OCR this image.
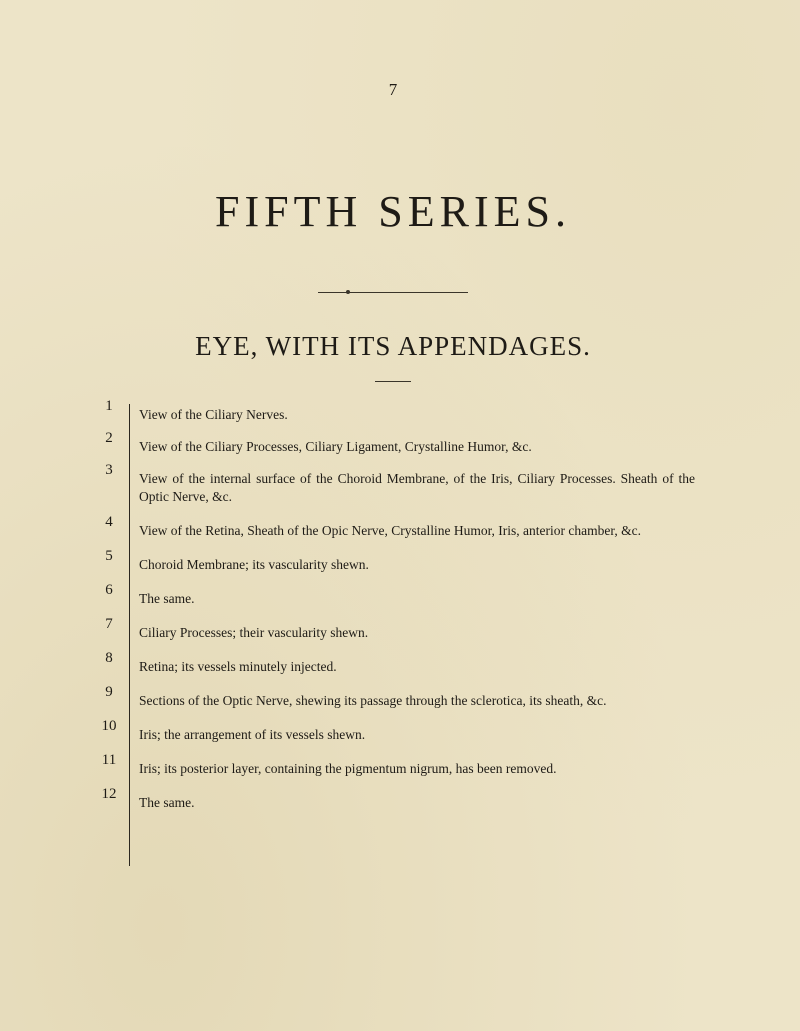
7
FIFTH SERIES.
EYE, WITH ITS APPENDAGES.
1
View of the Ciliary Nerves.
2
View of the Ciliary Processes, Ciliary Ligament, Crystalline Humor, &c.
3
View of the internal surface of the Choroid Membrane, of the Iris, Ciliary Processes. Sheath of the Optic Nerve, &c.
4
View of the Retina, Sheath of the Opic Nerve, Crystalline Humor, Iris, anterior chamber, &c.
5
Choroid Membrane; its vascularity shewn.
6
The same.
7
Ciliary Processes; their vascularity shewn.
8
Retina; its vessels minutely injected.
9
Sections of the Optic Nerve, shewing its passage through the sclerotica, its sheath, &c.
10
Iris; the arrangement of its vessels shewn.
11
Iris; its posterior layer, containing the pigmentum nigrum, has been removed.
12
The same.
